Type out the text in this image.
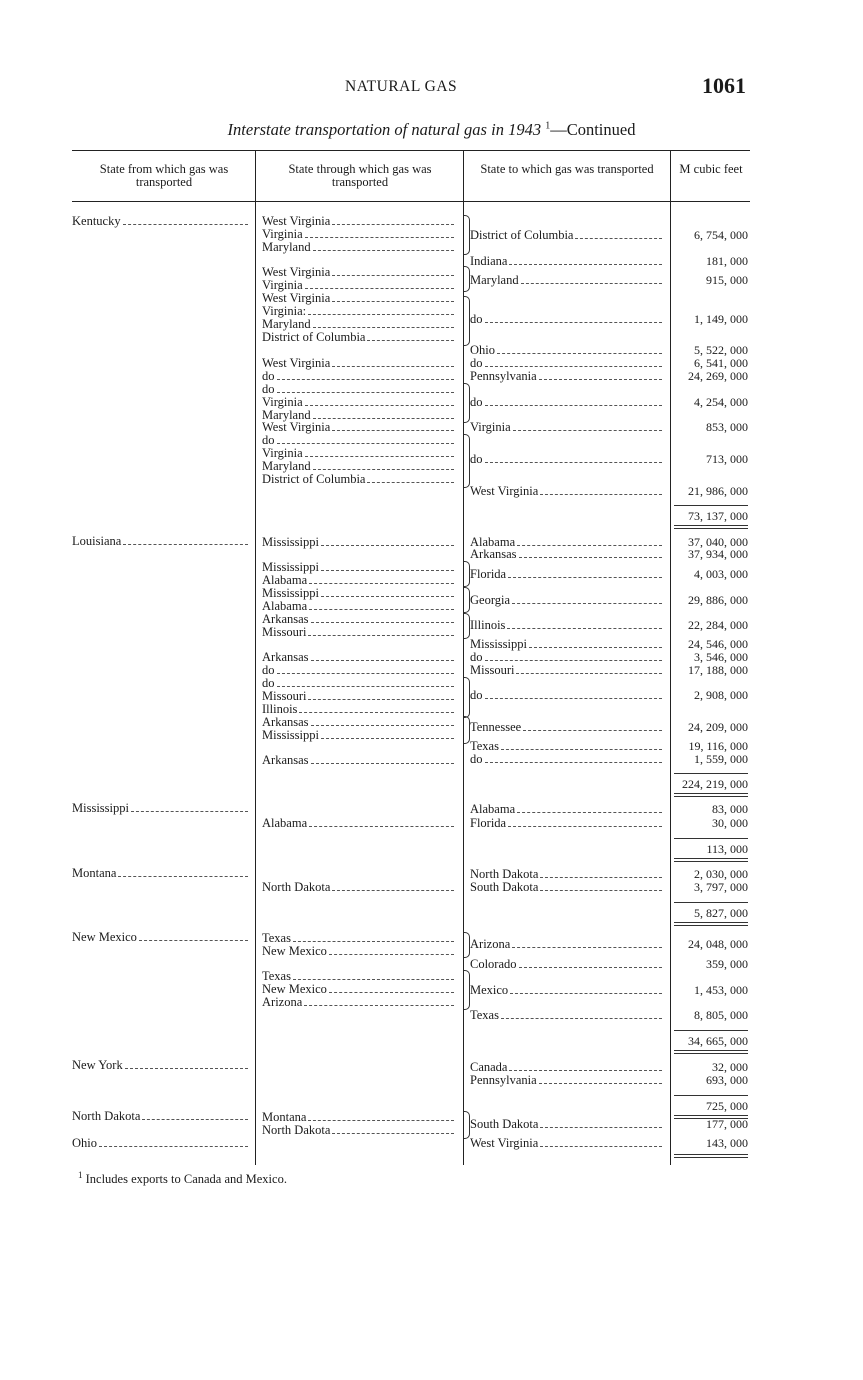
NATURAL GAS	1061
Interstate transportation of natural gas in 1943 $^1$—Continued
State from which gas was transported
State through which gas was transported
State to which gas was transported	M cubic feet
Kentucky
Louisiana
Mississippi
Montana
New Mexico
New York
North Dakota
Ohio
West Virginia
Virginia
Maryland
West Virginia
Virginia
West Virginia
Virginia:
Maryland
District of Columbia
West Virginia
do
do
Virginia
Maryland
West Virginia
do
Virginia
Maryland
District of Columbia
Mississippi
Mississippi
Alabama
Mississippi
Alabama
Arkansas
Missouri
Arkansas
do
do
Missouri
Illinois
Arkansas
Mississippi
Arkansas
Alabama
North Dakota
Texas
New Mexico
Texas
New Mexico
Arizona
Montana
North Dakota
District of Columbia
Indiana
Maryland
do
Ohio
do
Pennsylvania
do
Virginia
do
West Virginia
Alabama
Arkansas
Florida
Georgia
Illinois
Mississippi
do
Missouri
do
Tennessee
Texas
do
Alabama
Florida
North Dakota
South Dakota
Arizona
Colorado
Mexico
Texas
Canada
Pennsylvania
South Dakota
West Virginia
6, 754, 000
181, 000
915, 000
1, 149, 000
5, 522, 000
6, 541, 000
24, 269, 000
4, 254, 000
853, 000
713, 000
21, 986, 000
73, 137, 000
37, 040, 000
37, 934, 000
4, 003, 000
29, 886, 000
22, 284, 000
24, 546, 000
3, 546, 000
17, 188, 000
2, 908, 000
24, 209, 000
19, 116, 000
1, 559, 000
224, 219, 000
83, 000
30, 000
113, 000
2, 030, 000
3, 797, 000
5, 827, 000
24, 048, 000
359, 000
1, 453, 000
8, 805, 000
34, 665, 000
32, 000
693, 000
725, 000
177, 000
143, 000
$^1$ Includes exports to Canada and Mexico.
